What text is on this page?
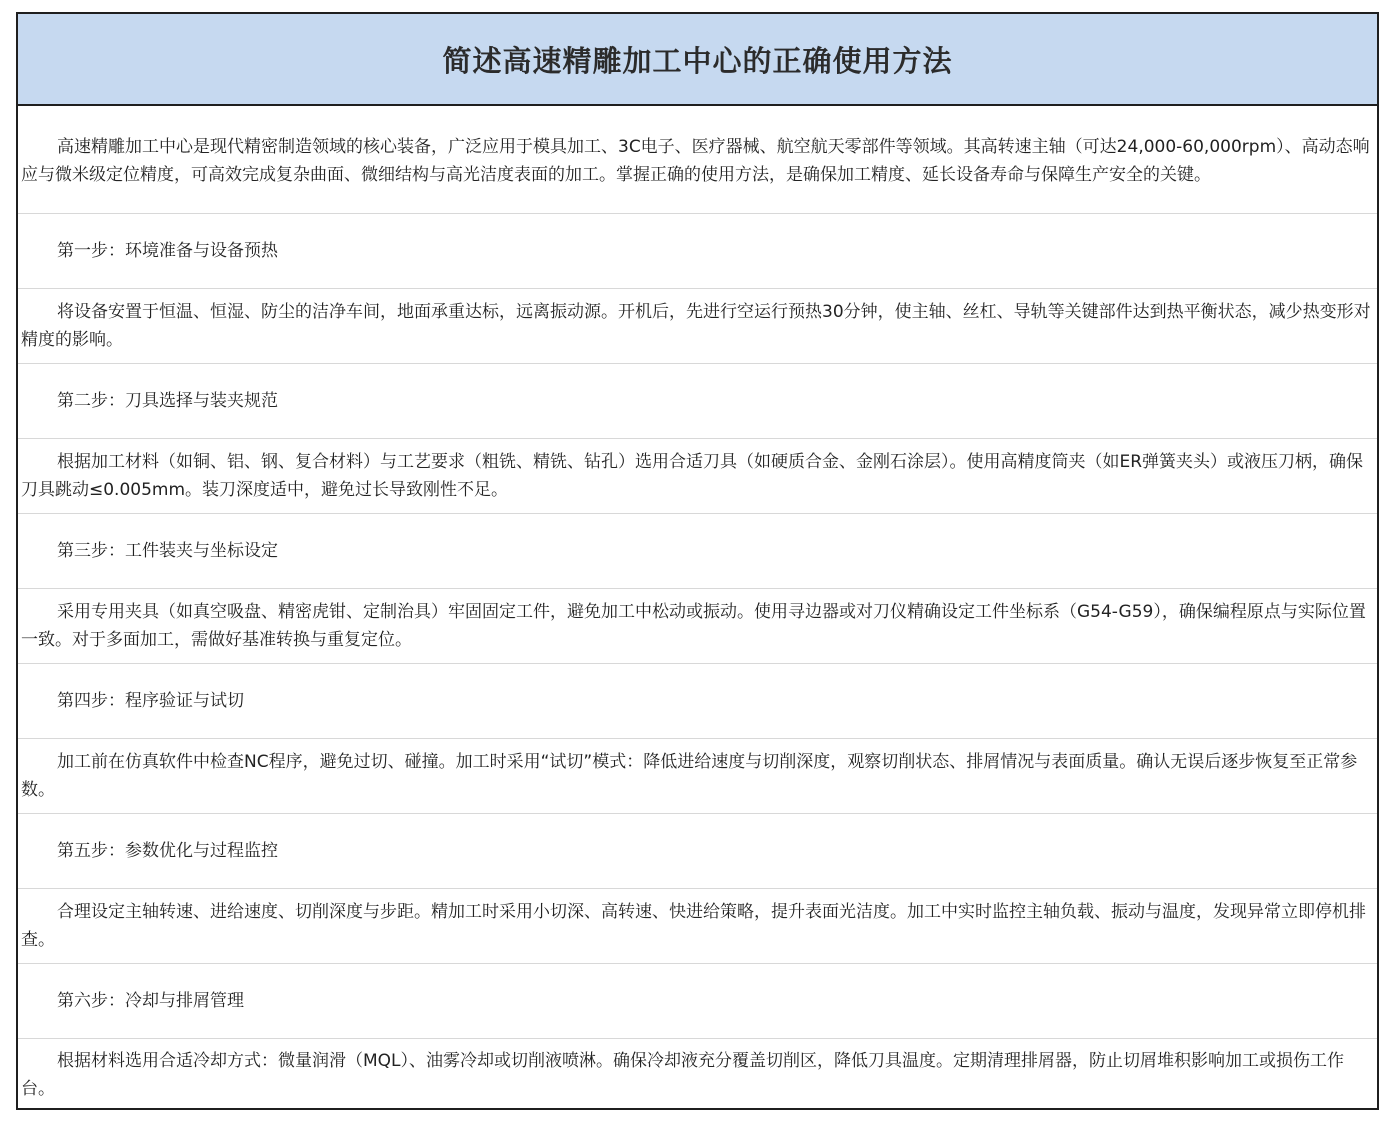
简述高速精雕加工中心的正确使用方法
高速精雕加工中心是现代精密制造领域的核心装备，广泛应用于模具加工、3C电子、医疗器械、航空航天零部件等领域。其高转速主轴（可达24,000-60,000rpm）、高动态响应与微米级定位精度，可高效完成复杂曲面、微细结构与高光洁度表面的加工。掌握正确的使用方法，是确保加工精度、延长设备寿命与保障生产安全的关键。
第一步：环境准备与设备预热
将设备安置于恒温、恒湿、防尘的洁净车间，地面承重达标，远离振动源。开机后，先进行空运行预热30分钟，使主轴、丝杠、导轨等关键部件达到热平衡状态，减少热变形对精度的影响。
第二步：刀具选择与装夹规范
根据加工材料（如铜、铝、钢、复合材料）与工艺要求（粗铣、精铣、钻孔）选用合适刀具（如硬质合金、金刚石涂层）。使用高精度筒夹（如ER弹簧夹头）或液压刀柄，确保刀具跳动≤0.005mm。装刀深度适中，避免过长导致刚性不足。
第三步：工件装夹与坐标设定
采用专用夹具（如真空吸盘、精密虎钳、定制治具）牢固固定工件，避免加工中松动或振动。使用寻边器或对刀仪精确设定工件坐标系（G54-G59），确保编程原点与实际位置一致。对于多面加工，需做好基准转换与重复定位。
第四步：程序验证与试切
加工前在仿真软件中检查NC程序，避免过切、碰撞。加工时采用“试切”模式：降低进给速度与切削深度，观察切削状态、排屑情况与表面质量。确认无误后逐步恢复至正常参数。
第五步：参数优化与过程监控
合理设定主轴转速、进给速度、切削深度与步距。精加工时采用小切深、高转速、快进给策略，提升表面光洁度。加工中实时监控主轴负载、振动与温度，发现异常立即停机排查。
第六步：冷却与排屑管理
根据材料选用合适冷却方式：微量润滑（MQL）、油雾冷却或切削液喷淋。确保冷却液充分覆盖切削区，降低刀具温度。定期清理排屑器，防止切屑堆积影响加工或损伤工作台。
